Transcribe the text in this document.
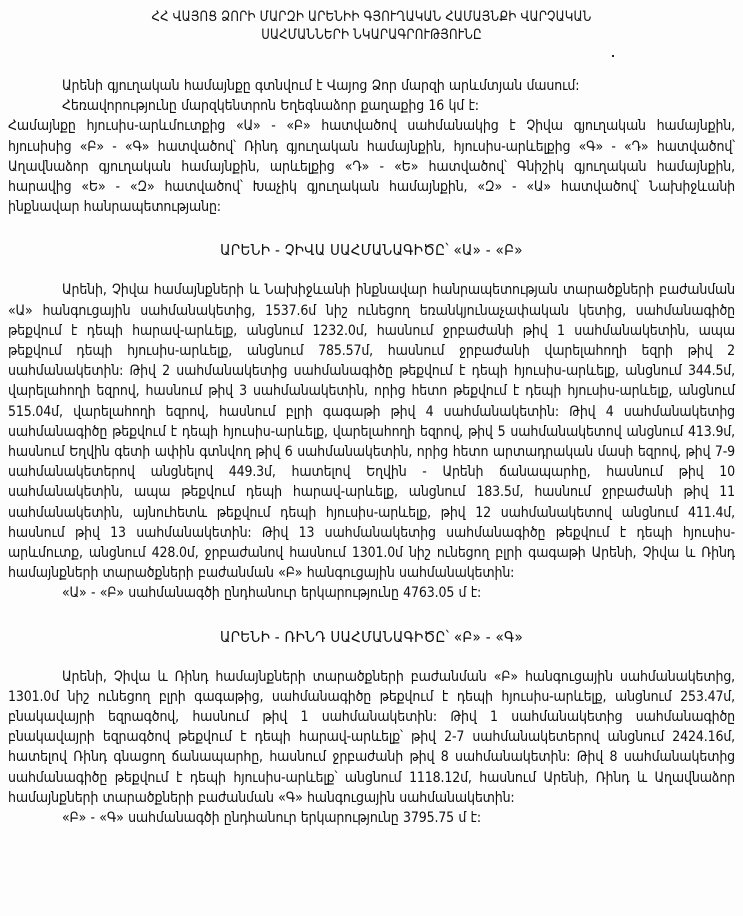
ՀՀ ՎԱՅՈՑ ՁՈՐԻ ՄԱՐԶԻ ԱՐԵՆԻԻ ԳՅՈՒՂԱԿԱՆ ՀԱՄԱՅՆՔԻ ՎԱՐՉԱԿԱՆ
ՍԱՀՄԱՆՆԵՐԻ ՆԿԱՐԱԳՐՈՒԹՅՈՒՆԸ

Արենի գյուղական համայնքը գտնվում է Վայոց Ձոր մարզի արևմտյան մասում:

Հեռավորությունը մարզկենտրոն Եղեգնաձոր քաղաքից 16 կմ է:

Համայնքը հյուսիս-արևմուտքից «Ա» - «Բ» հատվածով սահմանակից է Չիվա գյուղական համայնքին, հյուսիսից «Բ» - «Գ» հատվածով՝ Ռինդ գյուղական համայնքին, հյուսիս-արևելքից «Գ» - «Դ» հատվածով՝ Աղավնաձոր գյուղական համայնքին, արևելքից «Դ» - «Ե» հատվածով՝ Գնիշիկ գյուղական համայնքին, հարավից «Ե» - «Զ» հատվածով՝ Խաչիկ գյուղական համայնքին, «Զ» - «Ա» հատվածով՝ Նախիջևանի ինքնավար հանրապետությանը:

ԱՐԵՆԻ - ՉԻՎԱ ՍԱՀՄԱՆԱԳԻԾԸ՝ «Ա» - «Բ»

Արենի, Չիվա համայնքների և Նախիջևանի ինքնավար հանրապետության տարածքների բաժանման «Ա» հանգուցային սահմանակետից, 1537.6մ նիշ ունեցող եռանկյունաչափական կետից, սահմանագիծը թեքվում է դեպի հարավ-արևելք, անցնում 1232.0մ, հասնում ջրբաժանի թիվ 1 սահմանակետին, ապա թեքվում դեպի հյուսիս-արևելք, անցնում 785.57մ, հասնում ջրբաժանի վարելահողի եզրի թիվ 2 սահմանակետին: Թիվ 2 սահմանակետից սահմանագիծը թեքվում է դեպի հյուսիս-արևելք, անցնում 344.5մ, վարելահողի եզրով, հասնում թիվ 3 սահմանակետին, որից հետո թեքվում է դեպի հյուսիս-արևելք, անցնում 515.04մ, վարելահողի եզրով, հասնում բլրի գագաթի թիվ 4 սահմանակետին: Թիվ 4 սահմանակետից սահմանագիծը թեքվում է դեպի հյուսիս-արևելք, վարելահողի եզրով, թիվ 5 սահմանակետով անցնում 413.9մ, հասնում Եղվին գետի ափին գտնվող թիվ 6 սահմանակետին, որից հետո արտադրական մասի եզրով, թիվ 7-9 սահմանակետերով անցնելով 449.3մ, հատելով Եղվին - Արենի ճանապարհը, հասնում թիվ 10 սահմանակետին, ապա թեքվում դեպի հարավ-արևելք, անցնում 183.5մ, հասնում ջրբաժանի թիվ 11 սահմանակետին, այնուհետև թեքվում դեպի հյուսիս-արևելք, թիվ 12 սահմանակետով անցնում 411.4մ, հասնում թիվ 13 սահմանակետին: Թիվ 13 սահմանակետից սահմանագիծը թեքվում է դեպի հյուսիս-արևմուտք, անցնում 428.0մ, ջրբաժանով հասնում 1301.0մ նիշ ունեցող բլրի գագաթի Արենի, Չիվա և Ռինդ համայնքների տարածքների բաժանման «Բ» հանգուցային սահմանակետին:

«Ա» - «Բ» սահմանագծի ընդհանուր երկարությունը 4763.05 մ է:

ԱՐԵՆԻ - ՌԻՆԴ ՍԱՀՄԱՆԱԳԻԾԸ՝ «Բ» - «Գ»

Արենի, Չիվա և Ռինդ համայնքների տարածքների բաժանման «Բ» հանգուցային սահմանակետից, 1301.0մ նիշ ունեցող բլրի գագաթից, սահմանագիծը թեքվում է դեպի հյուսիս-արևելք, անցնում 253.47մ, բնակավայրի եզրագծով, հասնում թիվ 1 սահմանակետին: Թիվ 1 սահմանակետից սահմանագիծը բնակավայրի եզրագծով թեքվում է դեպի հարավ-արևելք՝ թիվ 2-7 սահմանակետերով անցնում 2424.16մ, հատելով Ռինդ գնացող ճանապարհը, հասնում ջրբաժանի թիվ 8 սահմանակետին: Թիվ 8 սահմանակետից սահմանագիծը թեքվում է դեպի հյուսիս-արևելք՝ անցնում 1118.12մ, հասնում Արենի, Ռինդ և Աղավնաձոր համայնքների տարածքների բաժանման «Գ» հանգուցային սահմանակետին:

«Բ» - «Գ» սահմանագծի ընդհանուր երկարությունը 3795.75 մ է:
